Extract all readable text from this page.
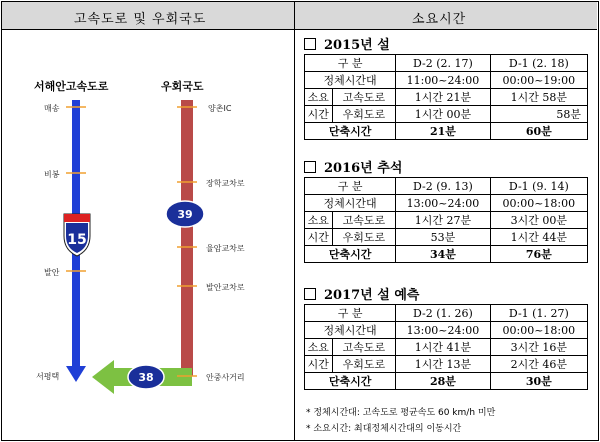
고속도로 및 우회국도	소요시간
서해안고속도로	우회국도
15
39
38
매송
비봉
발안
서평택
양촌IC
장학교차로
율암교차로
발안교차로
안중사거리
2015년 설
구 분		D-2 (2. 17)	D-1 (2. 18)
정체시간대		11:00~24:00	00:00~19:00
소요	고속도로	1시간 21분	1시간 58분
시간	우회도로	1시간 00분	58분
단축시간		21분	60분
2016년 추석
구 분		D-2 (9. 13)	D-1 (9. 14)
정체시간대		13:00~24:00	00:00~18:00
소요	고속도로	1시간 27분	3시간 00분
시간	우회도로	53분	1시간 44분
단축시간		34분	76분
2017년 설 예측
구 분		D-2 (1. 26)	D-1 (1. 27)
정체시간대		13:00~24:00	00:00~18:00
소요	고속도로	1시간 41분	3시간 16분
시간	우회도로	1시간 13분	2시간 46분
단축시간		28분	30분
* 정체시간대: 고속도로 평균속도 60 km/h 미만
* 소요시간: 최대정체시간대의 이동시간
